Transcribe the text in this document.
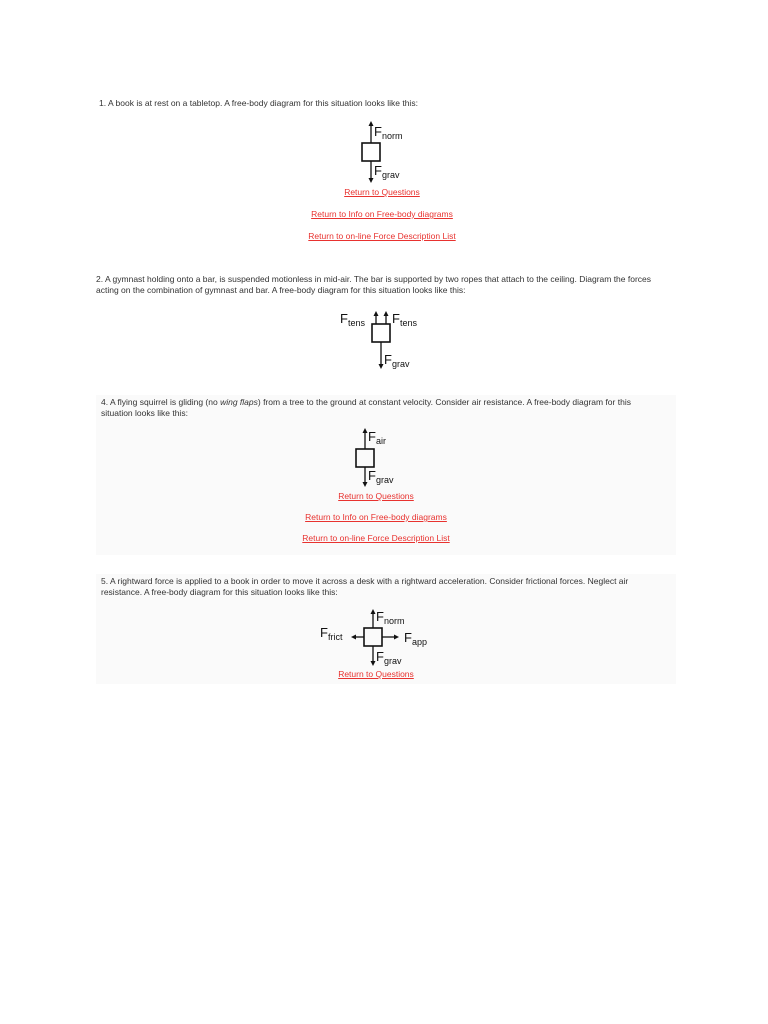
1. A book is at rest on a tabletop. A free-body diagram for this situation looks like this:

$F_{norm}$
$F_{grav}$
Return to Questions
Return to Info on Free-body diagrams
Return to on-line Force Description List

2. A gymnast holding onto a bar, is suspended motionless in mid-air. The bar is supported by two ropes that attach to the ceiling. Diagram the forces acting on the combination of gymnast and bar. A free-body diagram for this situation looks like this:

$F_{tens}$ $F_{tens}$
$F_{grav}$

4. A flying squirrel is gliding (no wing flaps) from a tree to the ground at constant velocity. Consider air resistance. A free-body diagram for this situation looks like this:

$F_{air}$
$F_{grav}$
Return to Questions
Return to Info on Free-body diagrams
Return to on-line Force Description List

5. A rightward force is applied to a book in order to move it across a desk with a rightward acceleration. Consider frictional forces. Neglect air resistance. A free-body diagram for this situation looks like this:

$F_{norm}$
$F_{frict}$	$F_{app}$
$F_{grav}$
Return to Questions
